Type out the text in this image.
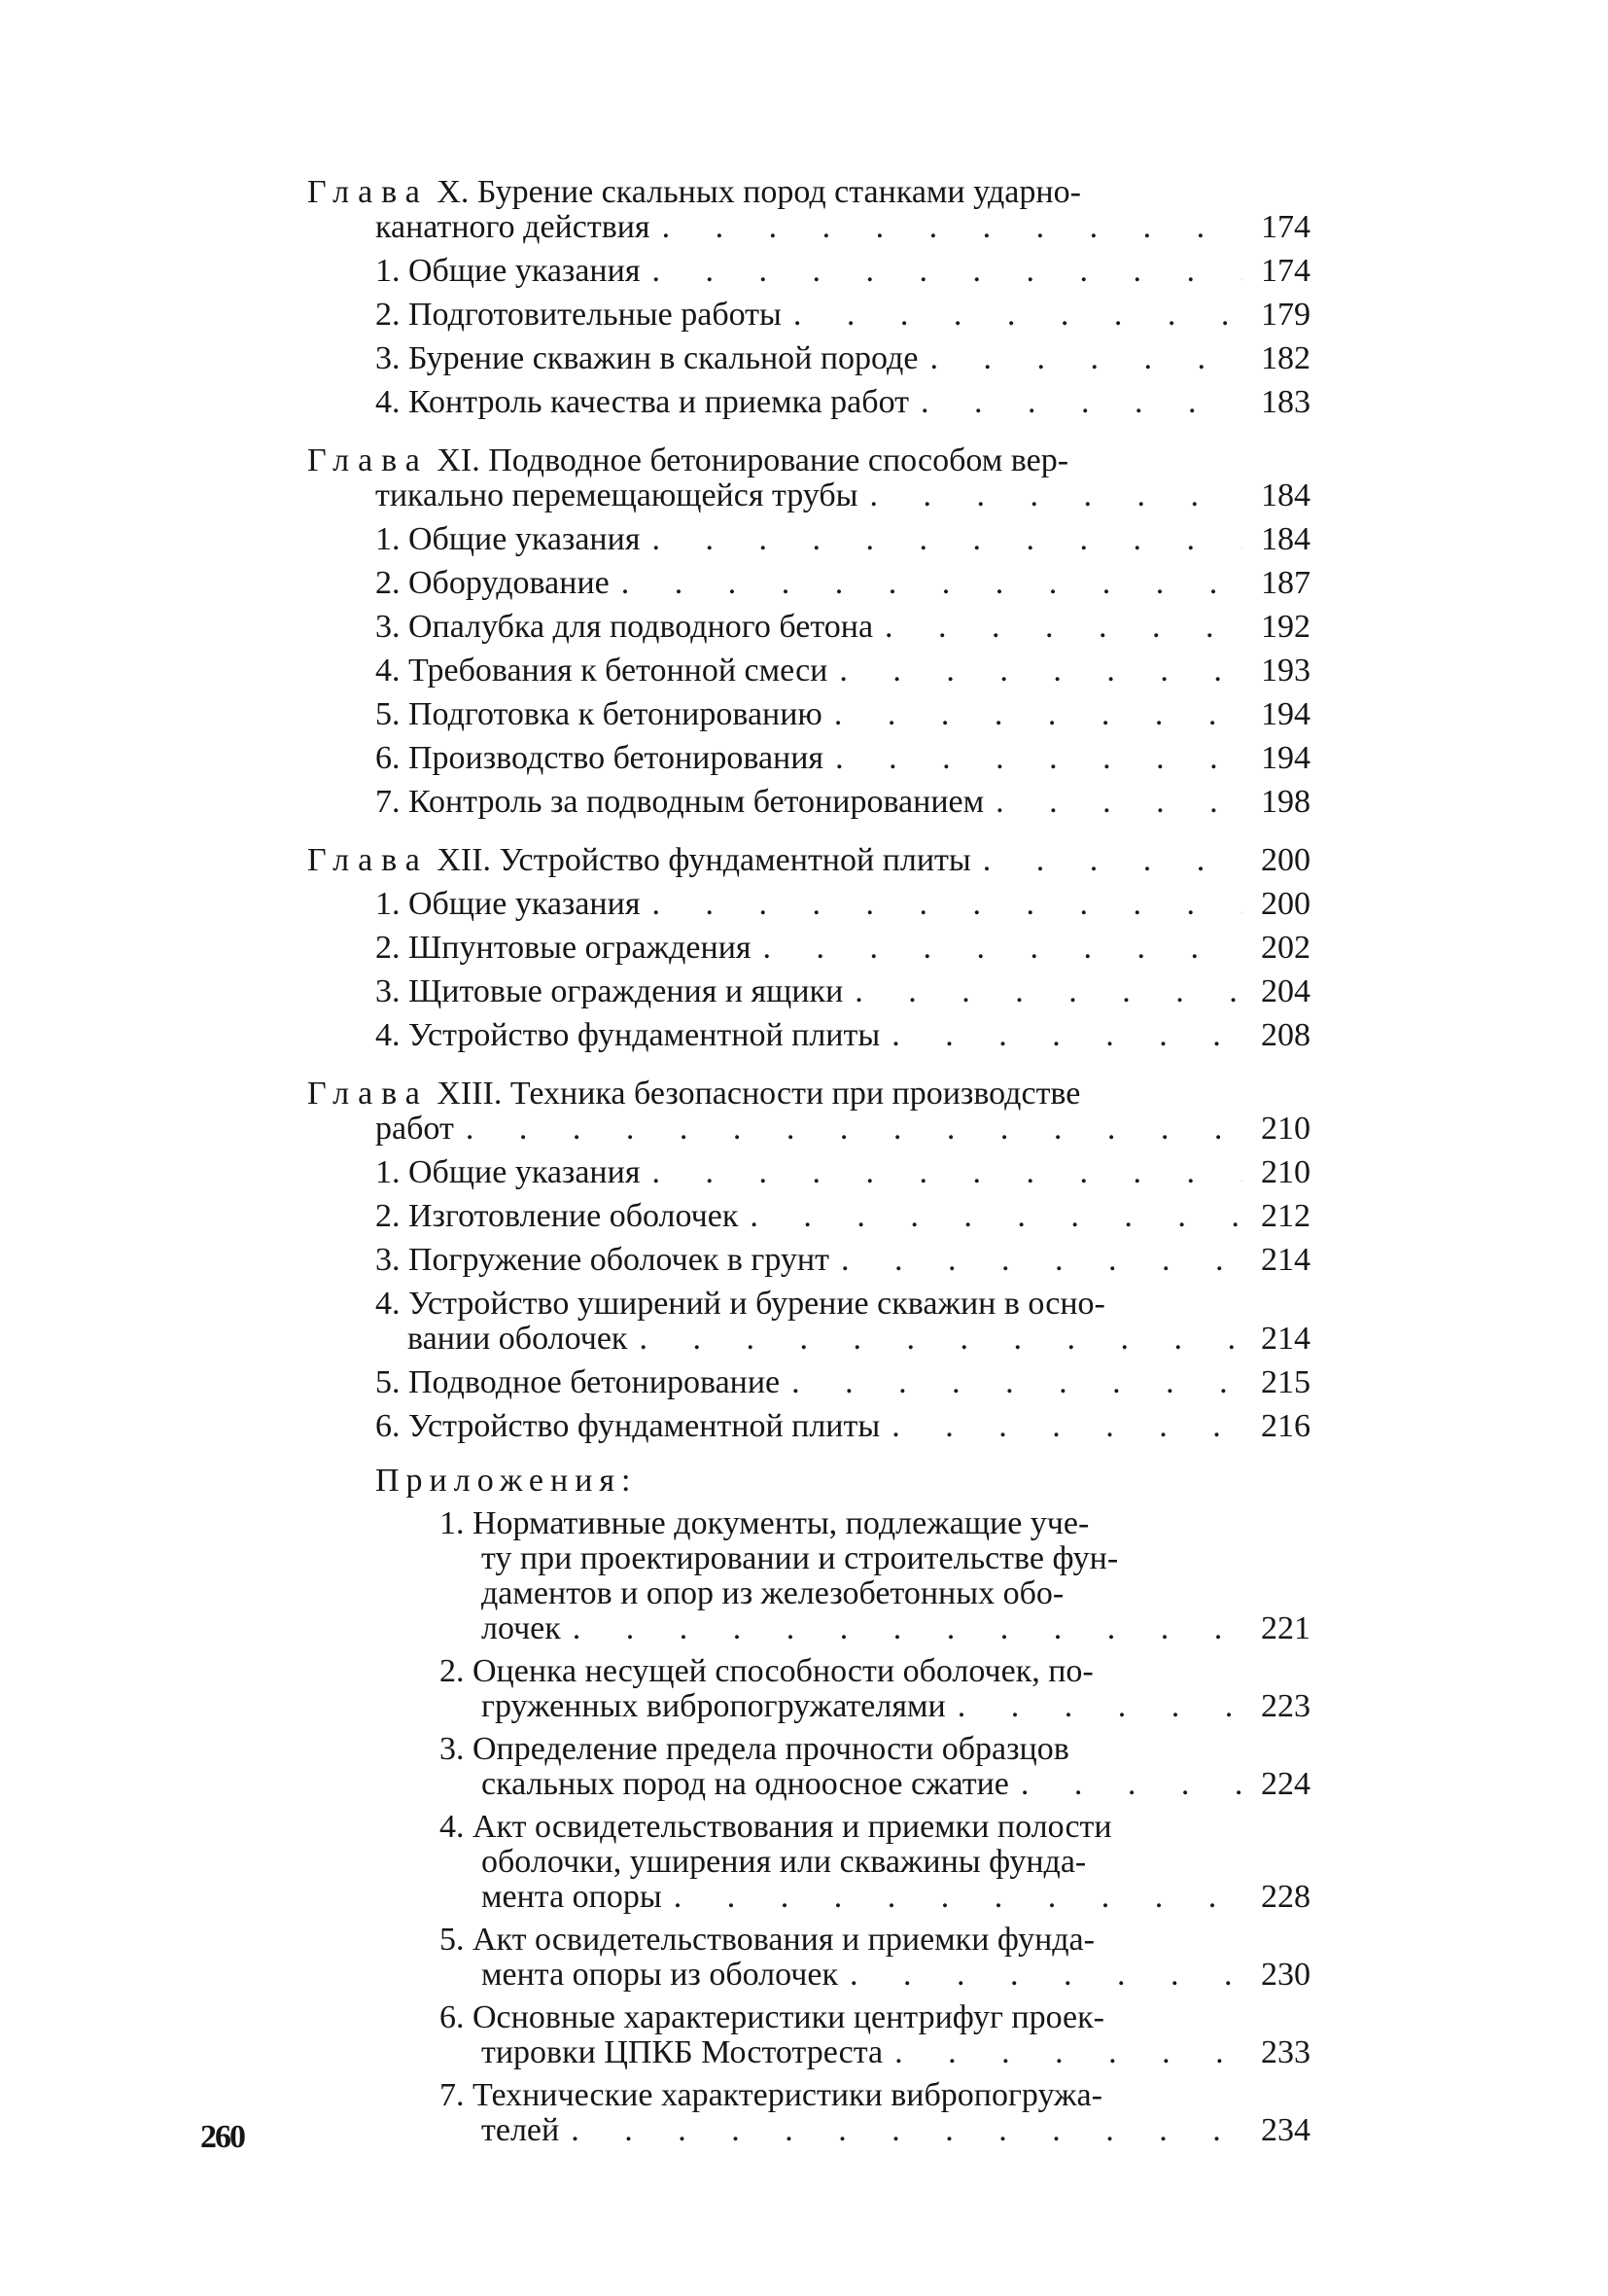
Глава X. Бурение скальных пород станками ударно-
канатного действия . . .	174
1. Общие указания . . .	174
2. Подготовительные работы . . .	179
3. Бурение скважин в скальной породе . . .	182
4. Контроль качества и приемка работ . . .	183
Глава XI. Подводное бетонирование способом вер-
тикально перемещающейся трубы . . .	184
1. Общие указания . . .	184
2. Оборудование . . .	187
3. Опалубка для подводного бетона . . .	192
4. Требования к бетонной смеси . . .	193
5. Подготовка к бетонированию . . .	194
6. Производство бетонирования . . .	194
7. Контроль за подводным бетонированием . . .	198
Глава XII. Устройство фундаментной плиты . . .	200
1. Общие указания . . .	200
2. Шпунтовые ограждения . . .	202
3. Щитовые ограждения и ящики . . .	204
4. Устройство фундаментной плиты . . .	208
Глава XIII. Техника безопасности при производстве
работ . . .	210
1. Общие указания . . .	210
2. Изготовление оболочек . . .	212
3. Погружение оболочек в грунт . . .	214
4. Устройство уширений и бурение скважин в осно-
вании оболочек . . .	214
5. Подводное бетонирование . . .	215
6. Устройство фундаментной плиты . . .	216
Приложения:
1. Нормативные документы, подлежащие уче-
ту при проектировании и строительстве фун-
даментов и опор из железобетонных обо-
лочек . . .	221
2. Оценка несущей способности оболочек, по-
груженных вибропогружателями . . .	223
3. Определение предела прочности образцов
скальных пород на одноосное сжатие . . .	224
4. Акт освидетельствования и приемки полости
оболочки, уширения или скважины фунда-
мента опоры . . .	228
5. Акт освидетельствования и приемки фунда-
мента опоры из оболочек . . .	230
6. Основные характеристики центрифуг проек-
тировки ЦПКБ Мостотреста . . .	233
7. Технические характеристики вибропогружа-
телей . . .	234
260
